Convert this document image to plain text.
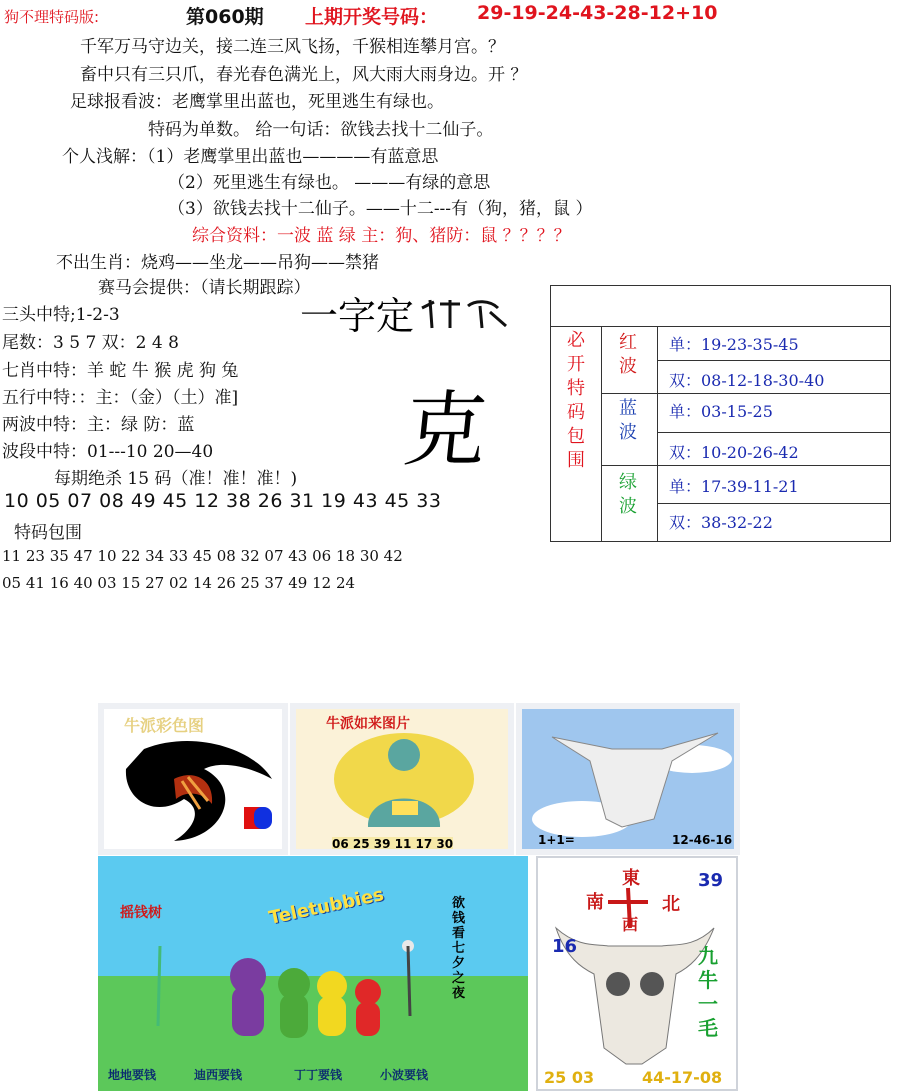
狗不理特码版:	第060期 上期开奖号码： 29-19-24-43-28-12+10
千军万马守边关，接二连三风飞扬，千猴相连攀月宫。？
畜中只有三只爪，春光春色满光上，风大雨大雨身边。开 ？
足球报看波：老鹰掌里出蓝也，死里逃生有绿也。
特码为单数。 给一句话：欲钱去找十二仙子。
个人浅解：（1）老鹰掌里出蓝也————有蓝意思
（2）死里逃生有绿也。 ———有绿的意思
（3）欲钱去找十二仙子。——十二---有（狗，猪，鼠 ）
综合资料：一波 蓝 绿 主：狗、猪防：鼠 ？？？？
不出生肖：烧鸡——坐龙——吊狗——禁猪
赛马会提供：（请长期跟踪）
一字定
克
三头中特;1-2-3
尾数：3 5 7 双：2 4 8
七肖中特：羊 蛇 牛 猴 虎 狗 兔
五行中特：：主：（金）（土）准]
两波中特：主：绿 防：蓝
波段中特：01---10 20—40
每期绝杀 15 码（准！准！准！)
10 05 07 08 49 45 12 38 26 31 19 43 45 33
特码包围
11 23 35 47 10 22 34 33 45 08 32 07 43 06 18 30 42
05 41 16 40 03 15 27 02 14 26 25 37 49 12 24
必开特码包围 红波 单：19-23-35-45
双：08-12-18-30-40
蓝波 单：03-15-25
双：10-20-26-42
绿波 单：17-39-11-21
双：38-32-22
牛派彩色图	牛派如来图片
06 25 39 11 17 30	1+1=	12-46-16
摇钱树	Teletubbies	欲钱看七夕之夜
地地要钱	迪西要钱	丁丁要钱	小波要钱
東
南	北
西
39
16	九牛一毛
25 03	44-17-08
